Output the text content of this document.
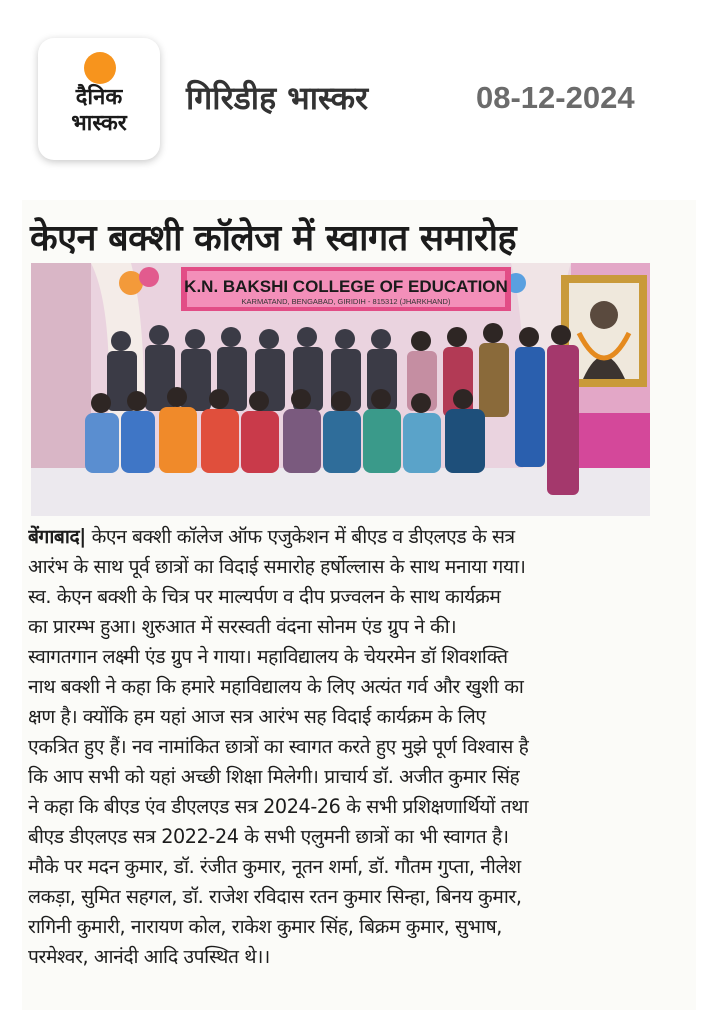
दैनिक
भास्कर
गिरिडीह भास्कर	08-12-2024
केएन बक्शी कॉलेज में स्वागत समारोह
K.N. BAKSHI COLLEGE OF EDUCATION
KARMATAND, BENGABAD, GIRIDIH - 815312 (JHARKHAND)
बेंगाबाद| केएन बक्शी कॉलेज ऑफ एजुकेशन में बीएड व डीएलएड के सत्र
आरंभ के साथ पूर्व छात्रों का विदाई समारोह हर्षोल्लास के साथ मनाया गया।
स्व. केएन बक्शी के चित्र पर माल्यर्पण व दीप प्रज्वलन के साथ कार्यक्रम
का प्रारम्भ हुआ। शुरुआत में सरस्वती वंदना सोनम एंड ग्रुप ने की।
स्वागतगान लक्ष्मी एंड ग्रुप ने गाया। महाविद्यालय के चेयरमेन डॉ शिवशक्ति
नाथ बक्शी ने कहा कि हमारे महाविद्यालय के लिए अत्यंत गर्व और खुशी का
क्षण है। क्योंकि हम यहां आज सत्र आरंभ सह विदाई कार्यक्रम के लिए
एकत्रित हुए हैं। नव नामांकित छात्रों का स्वागत करते हुए मुझे पूर्ण विश्वास है
कि आप सभी को यहां अच्छी शिक्षा मिलेगी। प्राचार्य डॉ. अजीत कुमार सिंह
ने कहा कि बीएड एंव डीएलएड सत्र 2024-26 के सभी प्रशिक्षणार्थियों तथा
बीएड डीएलएड सत्र 2022-24 के सभी एलुमनी छात्रों का भी स्वागत है।
मौके पर मदन कुमार, डॉ. रंजीत कुमार, नूतन शर्मा, डॉ. गौतम गुप्ता, नीलेश
लकड़ा, सुमित सहगल, डॉ. राजेश रविदास रतन कुमार सिन्हा, बिनय कुमार,
रागिनी कुमारी, नारायण कोल, राकेश कुमार सिंह, बिक्रम कुमार, सुभाष,
परमेश्वर, आनंदी आदि उपस्थित थे।।
